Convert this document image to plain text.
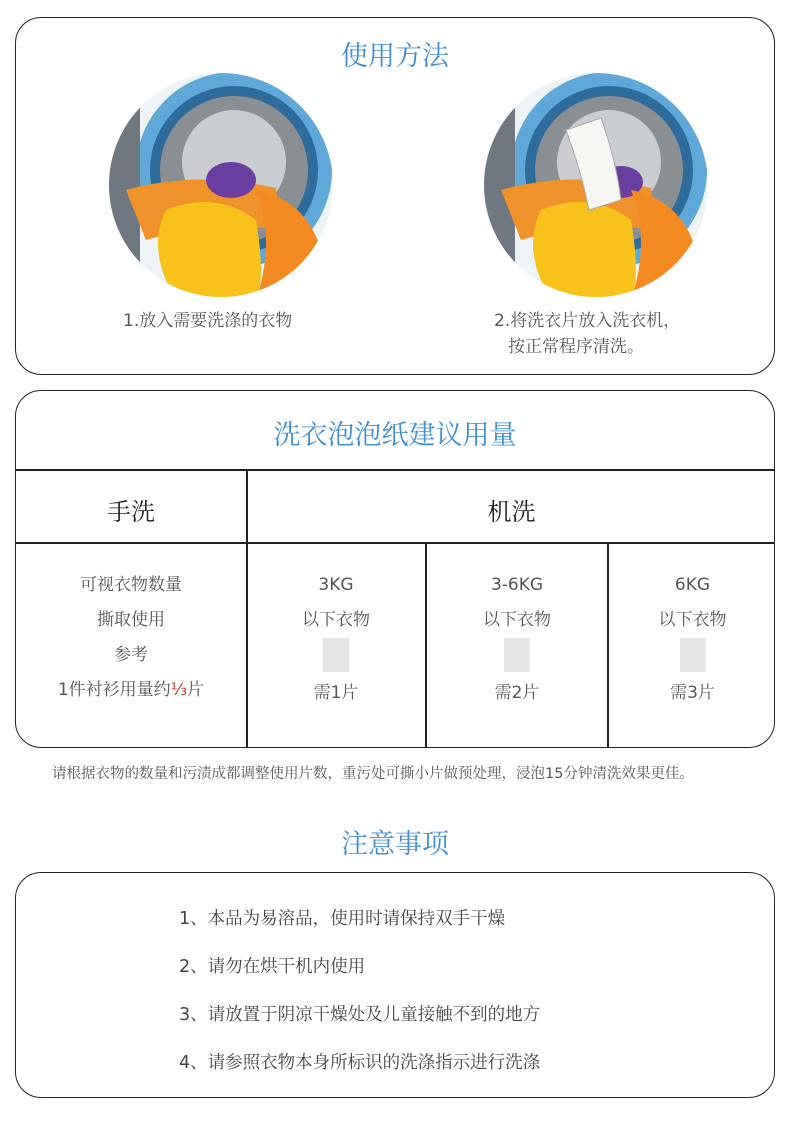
使用方法
1.放入需要洗涤的衣物	2.将洗衣片放入洗衣机，
按正常程序清洗。
洗衣泡泡纸建议用量
手洗	机洗
可视衣物数量
撕取使用
参考
1件衬衫用量约⅓片
3KG
以下衣物
需1片
3-6KG
以下衣物
需2片
6KG
以下衣物
需3片
请根据衣物的数量和污渍成都调整使用片数，重污处可撕小片做预处理，浸泡15分钟清洗效果更佳。
注意事项
1、本品为易溶品，使用时请保持双手干燥
2、请勿在烘干机内使用
3、请放置于阴凉干燥处及儿童接触不到的地方
4、请参照衣物本身所标识的洗涤指示进行洗涤
